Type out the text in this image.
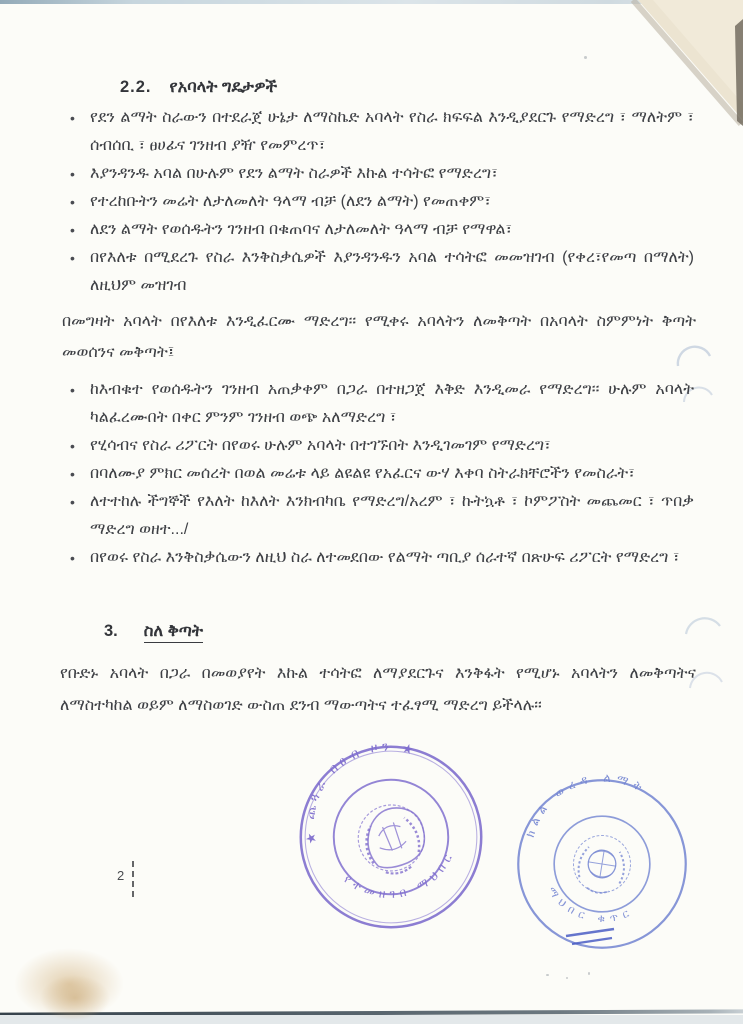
2.2. የአባላት ግዴታዎች
• የደን ልማት ስራውን በተደራጀ ሁኔታ ለማስኬድ አባላት የስራ ክፍፍል እንዲያደርጉ የማድረግ ፣ ማለትም ፣ ሰብሰቢ ፣ ፀሀፊና ገንዘብ ያዥ የመምረጥ፣
• እያንዳንዱ አባል በሁሉም የደን ልማት ስራዎች እኩል ተሳትፎ የማድረግ፣
• የተረከቡትን መሬት ለታለመለት ዓላማ ብቻ (ለደን ልማት) የመጠቀም፣
• ለደን ልማት የወሰዱትን ገንዘብ በቁጠባና ለታለመለት ዓላማ ብቻ የማዋል፣
• በየእለቱ በሚደረጉ የስራ እንቅስቃሴዎች እያንዳንዱን አባል ተሳትፎ መመዝገብ (የቀረ፣የመጣ በማለት) ለዚህም መዝገብ

በመግዛት አባላት በየእለቱ እንዲፈርሙ ማድረግ፡፡ የሚቀሩ አባላትን ለመቅጣት በአባላት ስምምነት ቅጣት መወሰንና መቅጣት፤

• ከእብቁተ የወሰዱትን ገንዘብ አጠቃቀም በጋራ በተዘጋጀ እቅድ እንዲመራ የማድረግ፡፡ ሁሉም አባላት ካልፈረሙበት በቀር ምንም ገንዘብ ወጭ አለማድረግ ፣
• የሂሳብና የስራ ሪፖርት በየወሩ ሁሉም አባላት በተገኙበት እንዲገመገም የማድረግ፣
• በባለሙያ ምክር መሰረት በወል መሬቱ ላይ ልዩልዩ የአፈርና ውሃ እቀባ ስትራክቸሮችን የመስራት፣
• ለተተከሉ ችግኞች የእለት ከእለት እንክብካቤ የማድረግ/አረም ፣ ኩትኳቶ ፣ ኮምፖስት መጨመር ፣ ጥበቃ ማድረግ ወዘተ.../
• በየወሩ የስራ እንቅስቃሴውን ለዚህ ስራ ለተመደበው የልማት ጣቢያ ሰራተኛ በጽሁፍ ሪፖርት የማድረግ ፣
3. ስለ ቅጣት

የቡድኑ አባላት በጋራ በመወያየት እኩል ተሳትፎ ለማያደርጉና እንቅፋት የሚሆኑ አባላትን ለመቅጣትና ለማስተካከል ወይም ለማስወገድ ውስጠ ደንብ ማውጣትና ተፈፃሚ ማድረግ ይችላሉ፡፡

2
★ ጨጓራ በፀብ ዞን ★
የተመዘገበ ማህበር
ክልል ወረዳ ልማት
ማህበር ቁጥር
